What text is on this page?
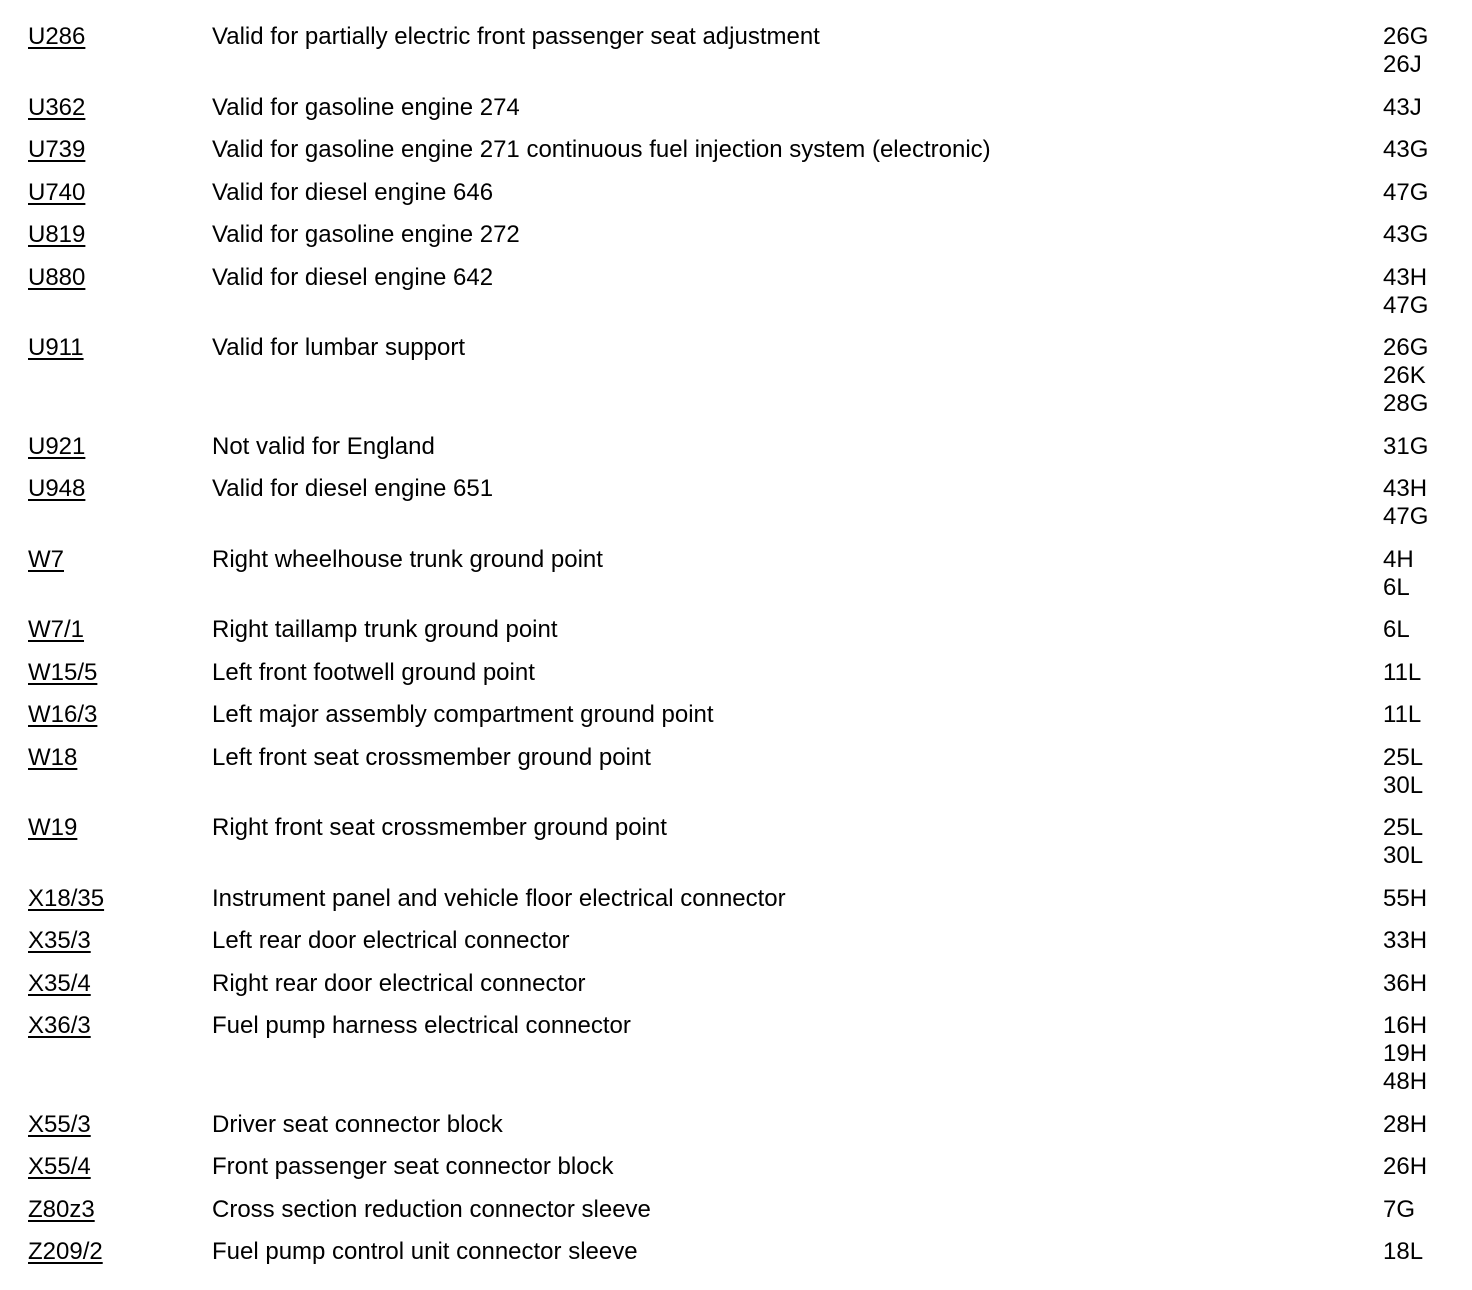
U286	Valid for partially electric front passenger seat adjustment	26G
26J
U362	Valid for gasoline engine 274	43J
U739	Valid for gasoline engine 271 continuous fuel injection system (electronic)	43G
U740	Valid for diesel engine 646	47G
U819	Valid for gasoline engine 272	43G
U880	Valid for diesel engine 642	43H
47G
U911	Valid for lumbar support	26G
26K
28G
U921	Not valid for England	31G
U948	Valid for diesel engine 651	43H
47G
W7	Right wheelhouse trunk ground point	4H
6L
W7/1	Right taillamp trunk ground point	6L
W15/5	Left front footwell ground point	11L
W16/3	Left major assembly compartment ground point	11L
W18	Left front seat crossmember ground point	25L
30L
W19	Right front seat crossmember ground point	25L
30L
X18/35	Instrument panel and vehicle floor electrical connector	55H
X35/3	Left rear door electrical connector	33H
X35/4	Right rear door electrical connector	36H
X36/3	Fuel pump harness electrical connector	16H
19H
48H
X55/3	Driver seat connector block	28H
X55/4	Front passenger seat connector block	26H
Z80z3	Cross section reduction connector sleeve	7G
Z209/2	Fuel pump control unit connector sleeve	18L
